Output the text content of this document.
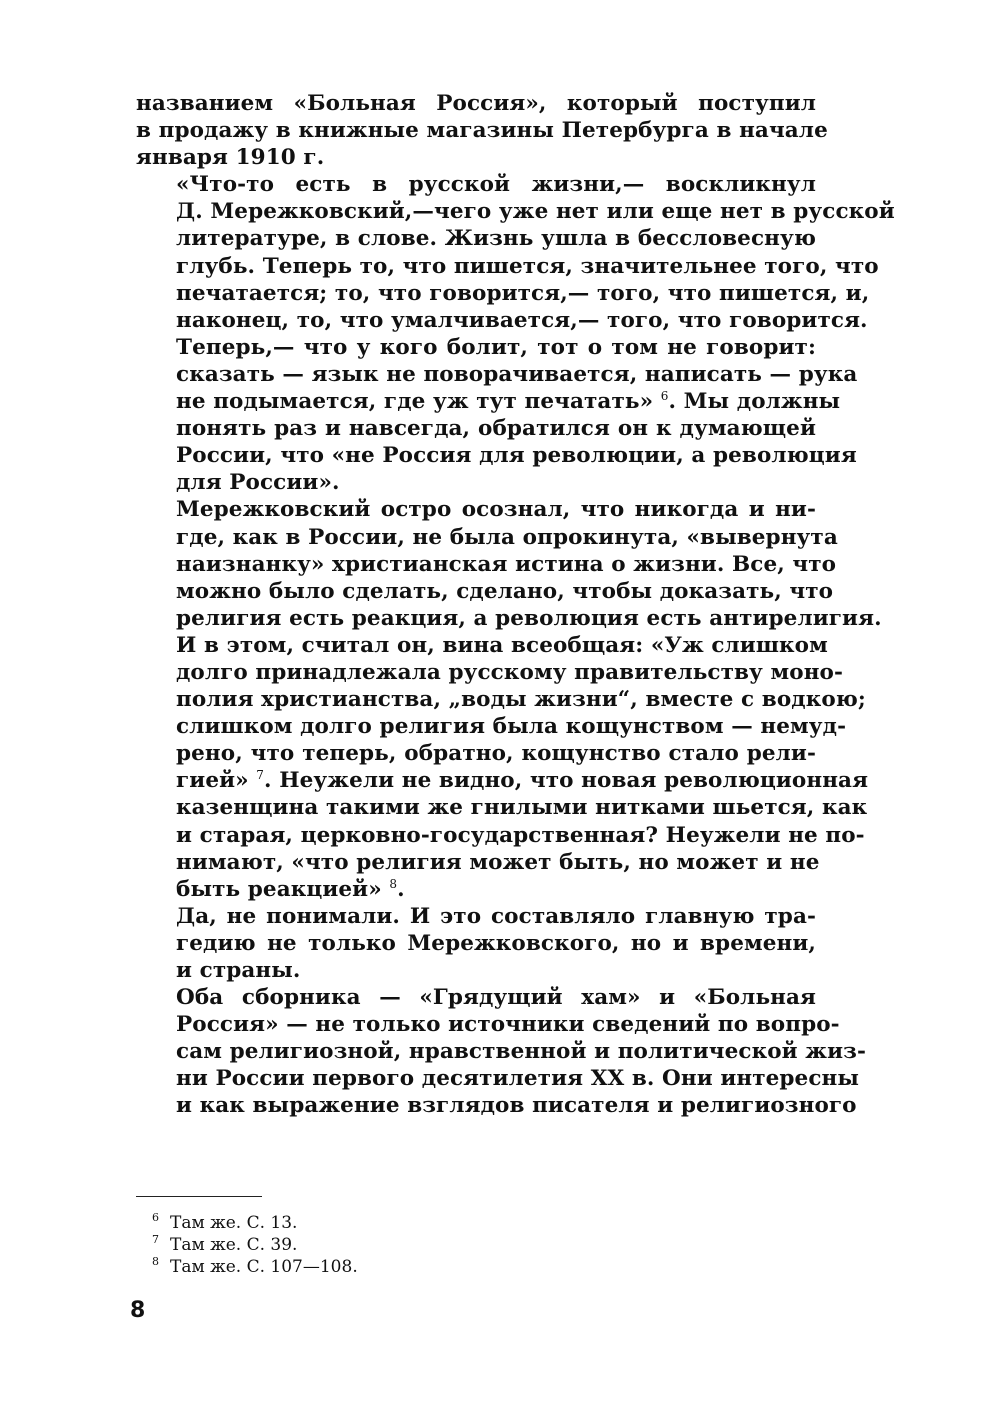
названием «Больная Россия», который поступил
в продажу в книжные магазины Петербурга в начале
января 1910 г.

«Что-то есть в русской жизни,— воскликнул
Д. Мережковский,—чего уже нет или еще нет в русской
литературе, в слове. Жизнь ушла в бессловесную
глубь. Теперь то, что пишется, значительнее того, что
печатается; то, что говорится,— того, что пишется, и,
наконец, то, что умалчивается,— того, что говорится.
Теперь,— что у кого болит, тот о том не говорит:
сказать — язык не поворачивается, написать — рука
не подымается, где уж тут печатать» $^6$. Мы должны
понять раз и навсегда, обратился он к думающей
России, что «не Россия для революции, а революция
для России».

Мережковский остро осознал, что никогда и ни-
где, как в России, не была опрокинута, «вывернута
наизнанку» христианская истина о жизни. Все, что
можно было сделать, сделано, чтобы доказать, что
религия есть реакция, а революция есть антирелигия.
И в этом, считал он, вина всеобщая: «Уж слишком
долго принадлежала русскому правительству моно-
полия христианства, „воды жизни“, вместе с водкою;
слишком долго религия была кощунством — немуд-
рено, что теперь, обратно, кощунство стало рели-
гией» $^7$. Неужели не видно, что новая революционная
казенщина такими же гнилыми нитками шьется, как
и старая, церковно-государственная? Неужели не по-
нимают, «что религия может быть, но может и не
быть реакцией» $^8$.

Да, не понимали. И это составляло главную тра-
гедию не только Мережковского, но и времени,
и страны.

Оба сборника — «Грядущий хам» и «Больная
Россия» — не только источники сведений по вопро-
сам религиозной, нравственной и политической жиз-
ни России первого десятилетия XX в. Они интересны
и как выражение взглядов писателя и религиозного

6 Там же. С. 13.
7 Там же. С. 39.
8 Там же. С. 107—108.
8
